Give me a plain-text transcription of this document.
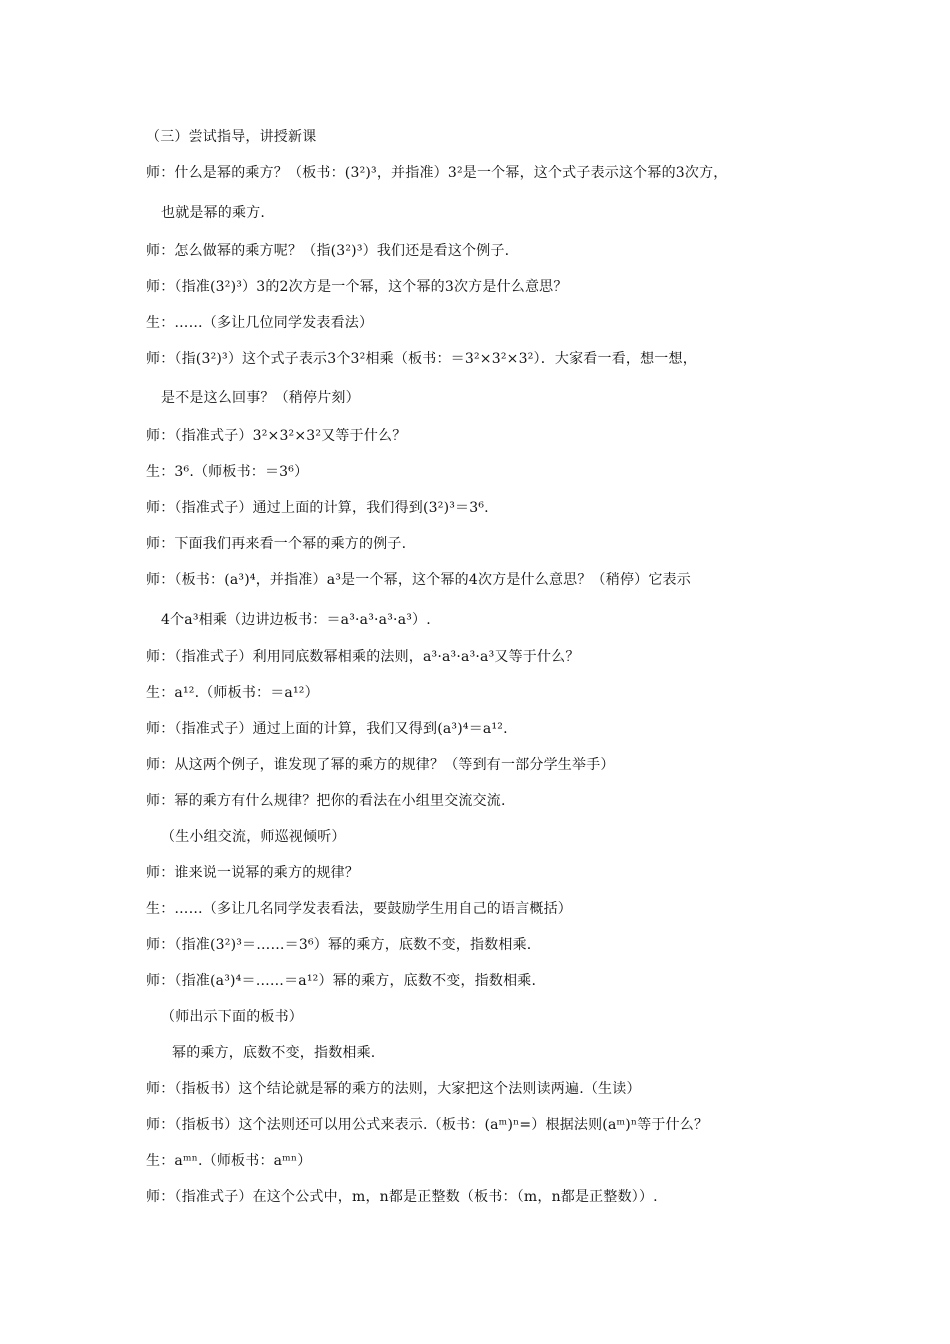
（三）尝试指导，讲授新课
师：什么是幂的乘方？（板书：(3²)³，并指准）3²是一个幂，这个式子表示这个幂的3次方，
也就是幂的乘方.
师：怎么做幂的乘方呢？（指(3²)³）我们还是看这个例子.
师：（指准(3²)³）3的2次方是一个幂，这个幂的3次方是什么意思？
生：……（多让几位同学发表看法）
师：（指(3²)³）这个式子表示3个3²相乘（板书：＝3²×3²×3²）．大家看一看，想一想，
是不是这么回事？（稍停片刻）
师：（指准式子）3²×3²×3²又等于什么？
生：3⁶.（师板书：＝3⁶）
师：（指准式子）通过上面的计算，我们得到(3²)³＝3⁶.
师：下面我们再来看一个幂的乘方的例子.
师：（板书：(a³)⁴，并指准）a³是一个幂，这个幂的4次方是什么意思？（稍停）它表示
4个a³相乘（边讲边板书：＝a³·a³·a³·a³）.
师：（指准式子）利用同底数幂相乘的法则，a³·a³·a³·a³又等于什么？
生：a¹².（师板书：＝a¹²）
师：（指准式子）通过上面的计算，我们又得到(a³)⁴＝a¹².
师：从这两个例子，谁发现了幂的乘方的规律？（等到有一部分学生举手）
师：幂的乘方有什么规律？把你的看法在小组里交流交流.
（生小组交流，师巡视倾听）
师：谁来说一说幂的乘方的规律？
生：……（多让几名同学发表看法，要鼓励学生用自己的语言概括）
师：（指准(3²)³＝……＝3⁶）幂的乘方，底数不变，指数相乘.
师：（指准(a³)⁴＝……＝a¹²）幂的乘方，底数不变，指数相乘.
（师出示下面的板书）
幂的乘方，底数不变，指数相乘.
师：（指板书）这个结论就是幂的乘方的法则，大家把这个法则读两遍.（生读）
师：（指板书）这个法则还可以用公式来表示.（板书：(aᵐ)ⁿ=）根据法则(aᵐ)ⁿ等于什么？
生：aᵐⁿ.（师板书：aᵐⁿ）
师：（指准式子）在这个公式中，m，n都是正整数（板书：（m，n都是正整数））.
